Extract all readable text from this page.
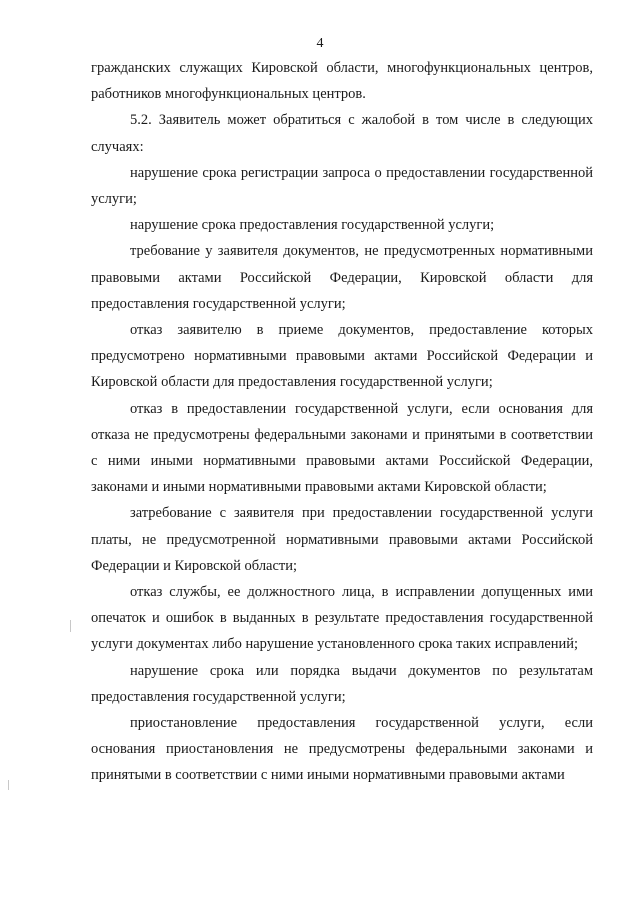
4

гражданских служащих Кировской области, многофункциональных центров, работников многофункциональных центров.

5.2. Заявитель может обратиться с жалобой в том числе в следующих случаях:

нарушение срока регистрации запроса о предоставлении государственной услуги;

нарушение срока предоставления государственной услуги;

требование у заявителя документов, не предусмотренных нормативными правовыми актами Российской Федерации, Кировской области для предоставления государственной услуги;

отказ заявителю в приеме документов, предоставление которых предусмотрено нормативными правовыми актами Российской Федерации и Кировской области для предоставления государственной услуги;

отказ в предоставлении государственной услуги, если основания для отказа не предусмотрены федеральными законами и принятыми в соответствии с ними иными нормативными правовыми актами Российской Федерации, законами и иными нормативными правовыми актами Кировской области;

затребование с заявителя при предоставлении государственной услуги платы, не предусмотренной нормативными правовыми актами Российской Федерации и Кировской области;

отказ службы, ее должностного лица, в исправлении допущенных ими опечаток и ошибок в выданных в результате предоставления государственной услуги документах либо нарушение установленного срока таких исправлений;

нарушение срока или порядка выдачи документов по результатам предоставления государственной услуги;

приостановление предоставления государственной услуги, если основания приостановления не предусмотрены федеральными законами и принятыми в соответствии с ними иными нормативными правовыми актами
